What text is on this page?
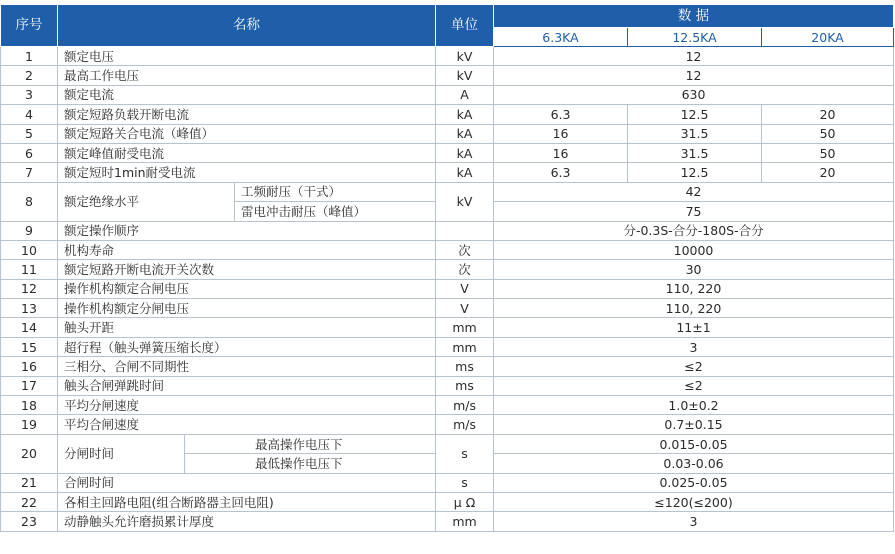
序号	名称			单位	数 据		
					6.3KA	12.5KA	20KA
1	额定电压			kV	12		
2	最高工作电压			kV	12		
3	额定电流			A	630		
4	额定短路负载开断电流			kA	6.3	12.5	20
5	额定短路关合电流（峰值）			kA	16	31.5	50
6	额定峰值耐受电流			kA	16	31.5	50
7	额定短时1min耐受电流			kA	6.3	12.5	20
8	额定绝缘水平		工频耐压（干式）	kV	42		
			雷电冲击耐压（峰值）		75		
9	额定操作顺序				分-0.3S-合分-180S-合分		
10	机构寿命			次	10000		
11	额定短路开断电流开关次数			次	30		
12	操作机构额定合闸电压			V	110, 220		
13	操作机构额定分闸电压			V	110, 220		
14	触头开距			mm	11±1		
15	超行程（触头弹簧压缩长度）			mm	3		
16	三相分、合闸不同期性			ms	≤2		
17	触头合闸弹跳时间			ms	≤2		
18	平均分闸速度			m/s	1.0±0.2		
19	平均合闸速度			m/s	0.7±0.15		
20	分闸时间	最高操作电压下		s	0.015-0.05		
		最低操作电压下			0.03-0.06		
21	合闸时间			s	0.025-0.05		
22	各相主回路电阻(组合断路器主回电阻)			μ Ω	≤120(≤200)		
23	动静触头允许磨损累计厚度			mm	3		
